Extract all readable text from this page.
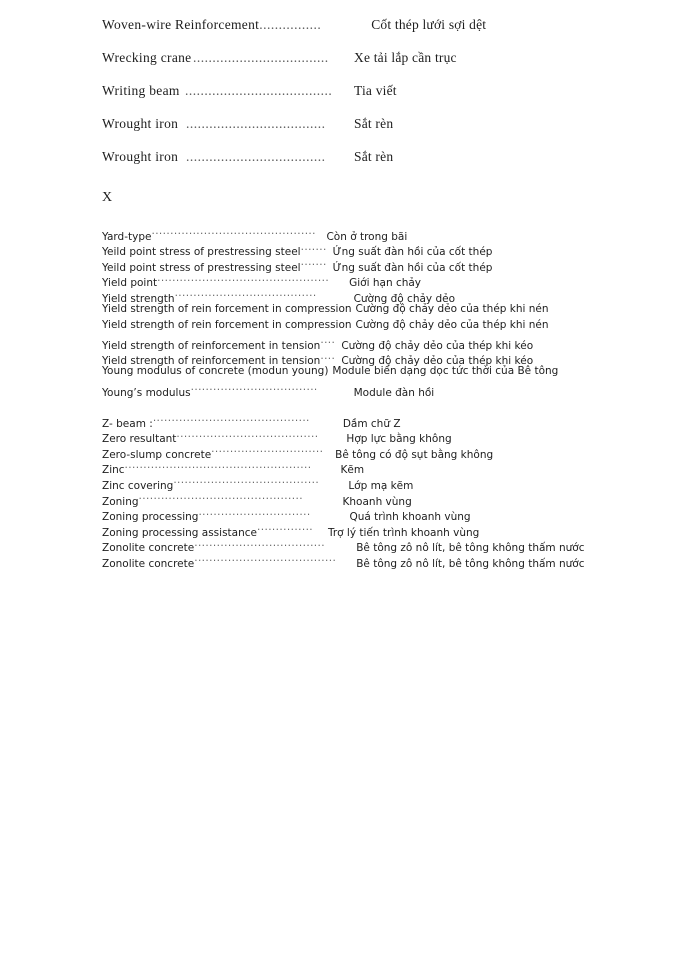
Woven-wire Reinforcement................	Cốt thép lưới sợi dệt
Wrecking crane ................................... Xe tải lắp cần trục
Writing beam ...................................... Tia viết
Wrought iron .................................... Sắt rèn
Wrought iron .................................... Sắt rèn
X
Yard-type............................................ Còn ở trong bãi
Yeild point stress of prestressing steel....... Ứng suất đàn hồi của cốt thép
Yeild point stress of prestressing steel....... Ứng suất đàn hồi của cốt thép
Yield point.............................................. Giới hạn chảy
Yield strength......................................	Cường độ chảy dẻo
Yield strength of rein forcement in compression Cường độ chảy dẻo của thép khi nén
Yield strength of rein forcement in compression Cường độ chảy dẻo của thép khi nén
Yield strength of reinforcement in tension.... Cường độ chảy dẻo của thép khi kéo
Yield strength of reinforcement in tension.... Cường độ chảy dẻo của thép khi kéo
Young modulus of concrete (modun young) Module biến dạng dọc tức thời của Bê tông
Young’s modulus..................................	Module đàn hồi
Z- beam :..........................................	Dầm chữ Z
Zero resultant......................................	Hợp lực bằng không
Zero-slump concrete.............................. Bê tông có độ sụt bằng không
Zinc..................................................	Kẽm
Zinc covering.......................................	Lớp mạ kẽm
Zoning............................................	Khoanh vùng
Zoning processing..............................	Quá trình khoanh vùng
Zoning processing assistance............... Trợ lý tiến trình khoanh vùng
Zonolite concrete...................................	Bê tông zô nô lít, bê tông không thấm nước
Zonolite concrete...................................... Bê tông zô nô lít, bê tông không thấm nước
